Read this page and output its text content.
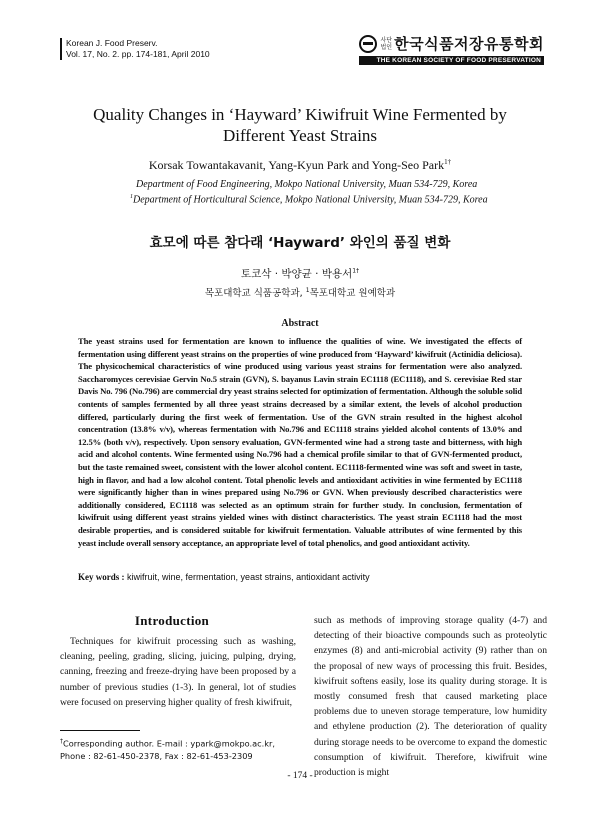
Korean J. Food Preserv.
Vol. 17, No. 2. pp. 174-181, April 2010
사단 법인 한국식품저장유통학회
THE KOREAN SOCIETY OF FOOD PRESERVATION
Quality Changes in ‘Hayward’ Kiwifruit Wine Fermented by
Different Yeast Strains
Korsak Towantakavanit, Yang-Kyun Park and Yong-Seo Park$^{1\dagger}$
Department of Food Engineering, Mokpo National University, Muan 534-729, Korea
$^1$Department of Horticultural Science, Mokpo National University, Muan 534-729, Korea
효모에 따른 참다래 ‘Hayward’ 와인의 품질 변화
토코삭 · 박양균 · 박용서$^{1\dagger}$
목포대학교 식품공학과, $^1$목포대학교 원예학과
Abstract
The yeast strains used for fermentation are known to influence the qualities of wine. We investigated the effects of fermentation using different yeast strains on the properties of wine produced from ‘Hayward’ kiwifruit (Actinidia deliciosa). The physicochemical characteristics of wine produced using various yeast strains for fermentation were also analyzed. Saccharomyces cerevisiae Gervin No.5 strain (GVN), S. bayanus Lavin strain EC1118 (EC1118), and S. cerevisiae Red star Davis No. 796 (No.796) are commercial dry yeast strains selected for optimization of fermentation. Although the soluble solid contents of samples fermented by all three yeast strains decreased by a similar extent, the levels of alcohol production differed, particularly during the first week of fermentation. Use of the GVN strain resulted in the highest alcohol concentration (13.8% v/v), whereas fermentation with No.796 and EC1118 strains yielded alcohol contents of 13.0% and 12.5% (both v/v), respectively. Upon sensory evaluation, GVN-fermented wine had a strong taste and bitterness, with high acid and alcohol contents. Wine fermented using No.796 had a chemical profile similar to that of GVN-fermented product, but the taste remained sweet, consistent with the lower alcohol content. EC1118-fermented wine was soft and sweet in taste, high in flavor, and had a low alcohol content. Total phenolic levels and antioxidant activities in wine fermented by EC1118 were significantly higher than in wines prepared using No.796 or GVN. When previously described characteristics were additionally considered, EC1118 was selected as an optimum strain for further study. In conclusion, fermentation of kiwifruit using different yeast strains yielded wines with distinct characteristics. The yeast strain EC1118 had the most desirable properties, and is considered suitable for kiwifruit fermentation. Valuable attributes of wine fermented by this yeast include overall sensory acceptance, an appropriate level of total phenolics, and good antioxidant activity.
Key words : kiwifruit, wine, fermentation, yeast strains, antioxidant activity
Introduction
Techniques for kiwifruit processing such as washing, cleaning, peeling, grading, slicing, juicing, pulping, drying, canning, freezing and freeze-drying have been proposed by a number of previous studies (1-3). In general, lot of studies were focused on preserving higher quality of fresh kiwifruit,
such as methods of improving storage quality (4-7) and detecting of their bioactive compounds such as proteolytic enzymes (8) and anti-microbial activity (9) rather than on the proposal of new ways of processing this fruit. Besides, kiwifruit softens easily, lose its quality during storage. It is mostly consumed fresh that caused marketing place problems due to uneven storage temperature, low humidity and ethylene production (2). The deterioration of quality during storage needs to be overcome to expand the domestic consumption of kiwifruit. Therefore, kiwifruit wine production is might
†Corresponding author. E-mail : ypark@mokpo.ac.kr,
Phone : 82-61-450-2378, Fax : 82-61-453-2309
- 174 -
